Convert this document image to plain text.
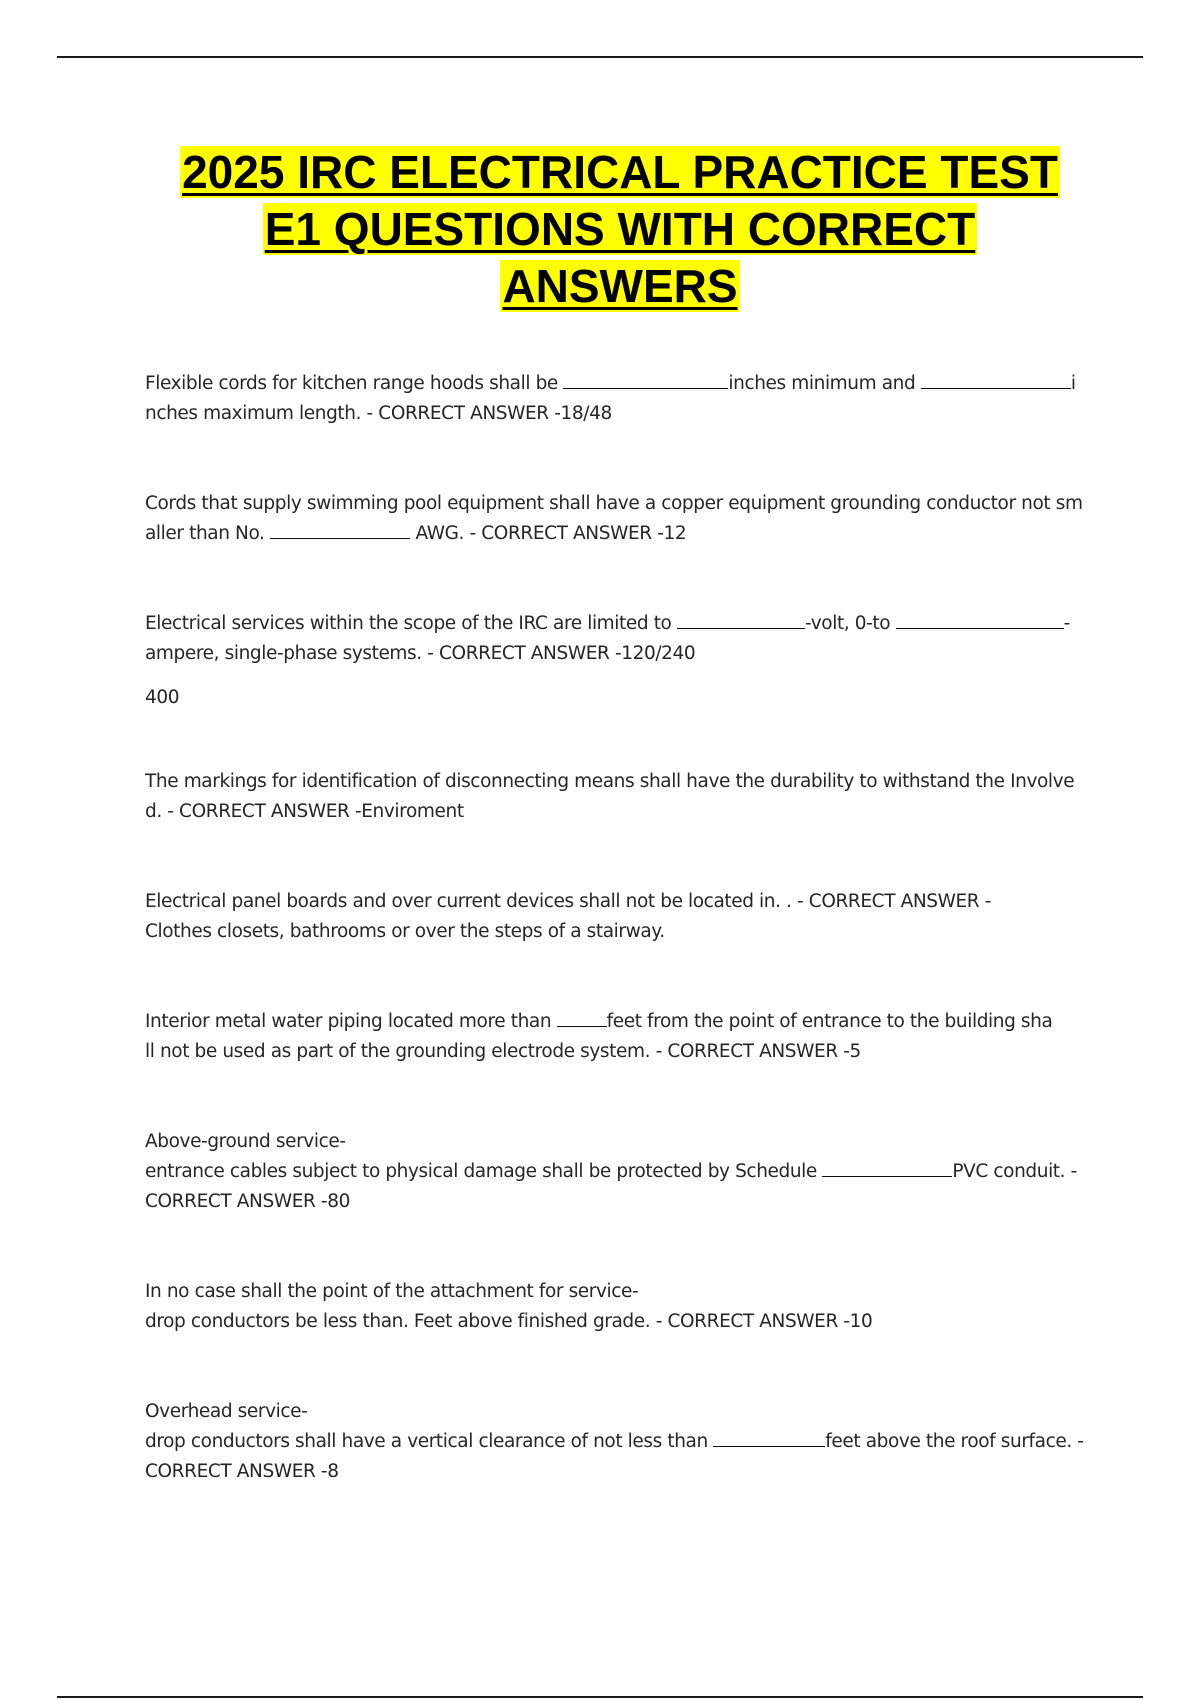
2025 IRC ELECTRICAL PRACTICE TEST
E1 QUESTIONS WITH CORRECT
ANSWERS
Flexible cords for kitchen range hoods shall be	inches minimum and	i
nches maximum length. - CORRECT ANSWER -18/48
Cords that supply swimming pool equipment shall have a copper equipment grounding conductor not sm
aller than No.	AWG. - CORRECT ANSWER -12
Electrical services within the scope of the IRC are limited to	-volt, 0-to	-
ampere, single-phase systems. - CORRECT ANSWER -120/240
400
The markings for identification of disconnecting means shall have the durability to withstand the Involve
d. - CORRECT ANSWER -Enviroment
Electrical panel boards and over current devices shall not be located in. . - CORRECT ANSWER -
Clothes closets, bathrooms or over the steps of a stairway.
Interior metal water piping located more than	feet from the point of entrance to the building sha
ll not be used as part of the grounding electrode system. - CORRECT ANSWER -5
Above-ground service-
entrance cables subject to physical damage shall be protected by Schedule	PVC conduit. -
CORRECT ANSWER -80
In no case shall the point of the attachment for service-
drop conductors be less than. Feet above finished grade. - CORRECT ANSWER -10
Overhead service-
drop conductors shall have a vertical clearance of not less than	feet above the roof surface. -
CORRECT ANSWER -8
